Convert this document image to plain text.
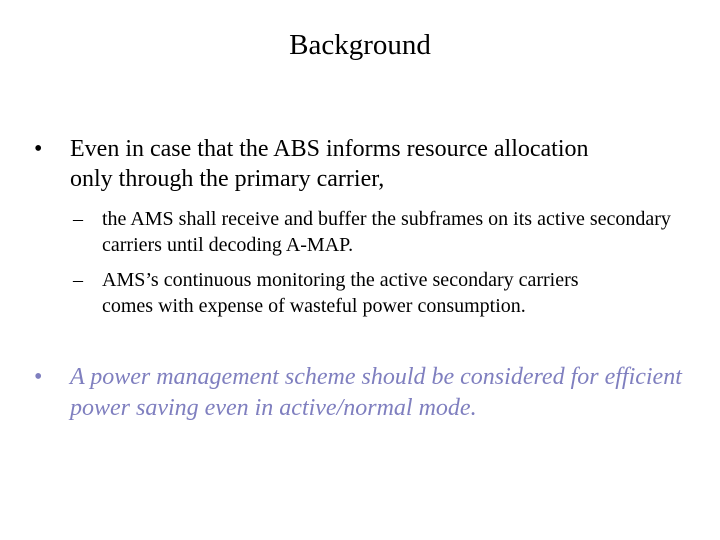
Background
•	Even in case that the ABS informs resource allocation only through the primary carrier,
– the AMS shall receive and buffer the subframes on its active secondary carriers until decoding A-MAP.
– AMS’s continuous monitoring the active secondary carriers comes with expense of wasteful power consumption.
•	A power management scheme should be considered for efficient power saving even in active/normal mode.
